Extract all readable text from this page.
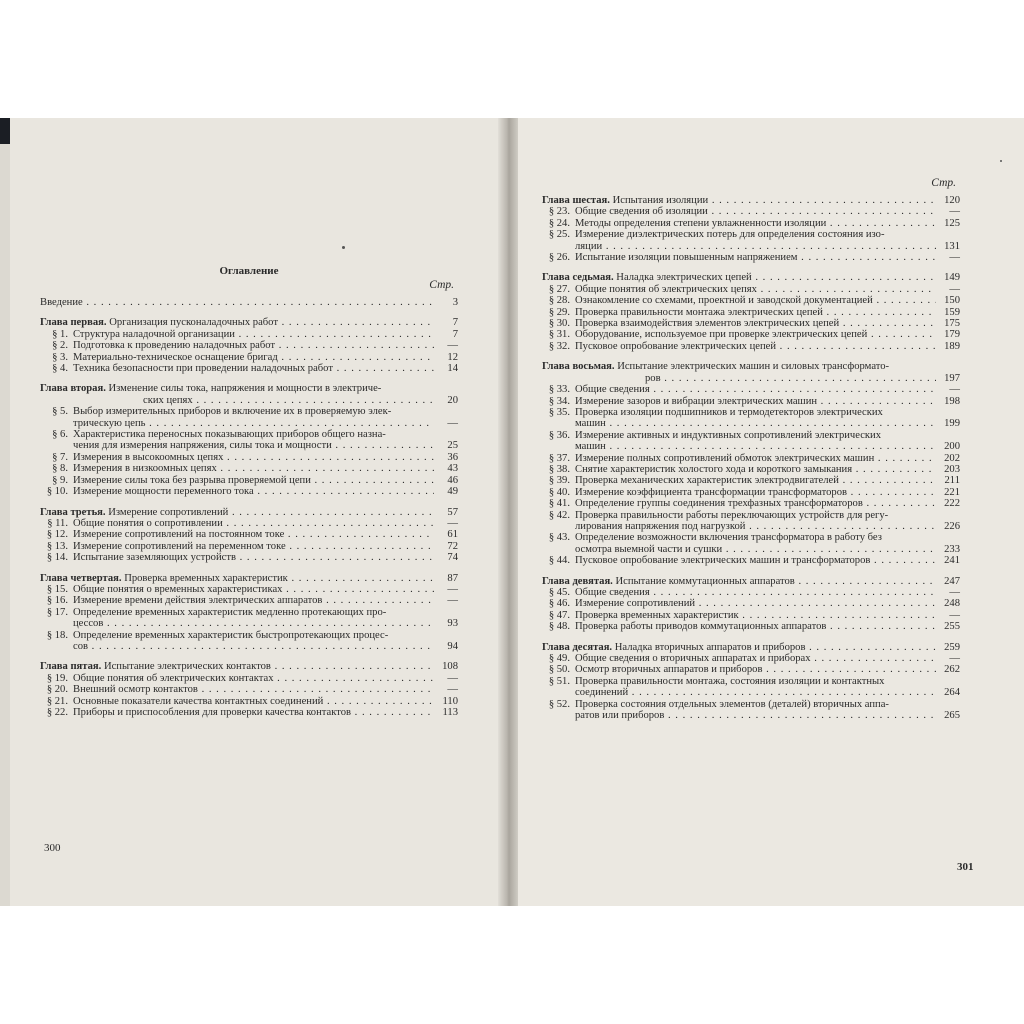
Оглавление
Стр.
Введение . . .	3
Глава первая. Организация пусконаладочных работ . . .	7
§ 1. Структура наладочной организации . . .	7
§ 2. Подготовка к проведению наладочных работ . . .	—
§ 3. Материально-техническое оснащение бригад . . .	12
§ 4. Техника безопасности при проведении наладочных работ . . .	14
Глава вторая. Изменение силы тока, напряжения и мощности в электриче-
ских цепях . . .	20
§ 5. Выбор измерительных приборов и включение их в проверяемую элек-
трическую цепь . . .	—
§ 6. Характеристика переносных показывающих приборов общего назна-
чения для измерения напряжения, силы тока и мощности . . .	25
§ 7. Измерения в высокоомных цепях . . .	36
§ 8. Измерения в низкоомных цепях . . .	43
§ 9. Измерение силы тока без разрыва проверяемой цепи . . .	46
§ 10. Измерение мощности переменного тока . . .	49
Глава третья. Измерение сопротивлений . . .	57
§ 11. Общие понятия о сопротивлении . . .	—
§ 12. Измерение сопротивлений на постоянном токе . . .	61
§ 13. Измерение сопротивлений на переменном токе . . .	72
§ 14. Испытание заземляющих устройств . . .	74
Глава четвертая. Проверка временных характеристик . . .	87
§ 15. Общие понятия о временных характеристиках . . .	—
§ 16. Измерение времени действия электрических аппаратов . . .	—
§ 17. Определение временных характеристик медленно протекающих про-
цессов . . .	93
§ 18. Определение временных характеристик быстропротекающих процес-
сов . . .	94
Глава пятая. Испытание электрических контактов . . .	108
§ 19. Общие понятия об электрических контактах . . .	—
§ 20. Внешний осмотр контактов . . .	—
§ 21. Основные показатели качества контактных соединений . . .	110
§ 22. Приборы и приспособления для проверки качества контактов . . .	113
Стр.
Глава шестая. Испытания изоляции . . .	120
§ 23. Общие сведения об изоляции . . .	—
§ 24. Методы определения степени увлажненности изоляции . . .	125
§ 25. Измерение диэлектрических потерь для определения состояния изо-
ляции . . .	131
§ 26. Испытание изоляции повышенным напряжением . . .	—
Глава седьмая. Наладка электрических цепей . . .	149
§ 27. Общие понятия об электрических цепях . . .	—
§ 28. Ознакомление со схемами, проектной и заводской документацией . . .	150
§ 29. Проверка правильности монтажа электрических цепей . . .	159
§ 30. Проверка взаимодействия элементов электрических цепей . . .	175
§ 31. Оборудование, используемое при проверке электрических цепей . . .	179
§ 32. Пусковое опробование электрических цепей . . .	189
Глава восьмая. Испытание электрических машин и силовых трансформато-
ров . . .	197
§ 33. Общие сведения . . .	—
§ 34. Измерение зазоров и вибрации электрических машин . . .	198
§ 35. Проверка изоляции подшипников и термодетекторов электрических
машин . . .	199
§ 36. Измерение активных и индуктивных сопротивлений электрических
машин . . .	200
§ 37. Измерение полных сопротивлений обмоток электрических машин . . .	202
§ 38. Снятие характеристик холостого хода и короткого замыкания . . .	203
§ 39. Проверка механических характеристик электродвигателей . . .	211
§ 40. Измерение коэффициента трансформации трансформаторов . . .	221
§ 41. Определение группы соединения трехфазных трансформаторов . . .	222
§ 42. Проверка правильности работы переключающих устройств для регу-
лирования напряжения под нагрузкой . . .	226
§ 43. Определение возможности включения трансформатора в работу без
осмотра выемной части и сушки . . .	233
§ 44. Пусковое опробование электрических машин и трансформаторов . . .	241
Глава девятая. Испытание коммутационных аппаратов . . .	247
§ 45. Общие сведения . . .	—
§ 46. Измерение сопротивлений . . .	248
§ 47. Проверка временных характеристик . . .	—
§ 48. Проверка работы приводов коммутационных аппаратов . . .	255
Глава десятая. Наладка вторичных аппаратов и приборов . . .	259
§ 49. Общие сведения о вторичных аппаратах и приборах . . .	—
§ 50. Осмотр вторичных аппаратов и приборов . . .	262
§ 51. Проверка правильности монтажа, состояния изоляции и контактных
соединений . . .	264
§ 52. Проверка состояния отдельных элементов (деталей) вторичных аппа-
ратов или приборов . . .	265
300
301
